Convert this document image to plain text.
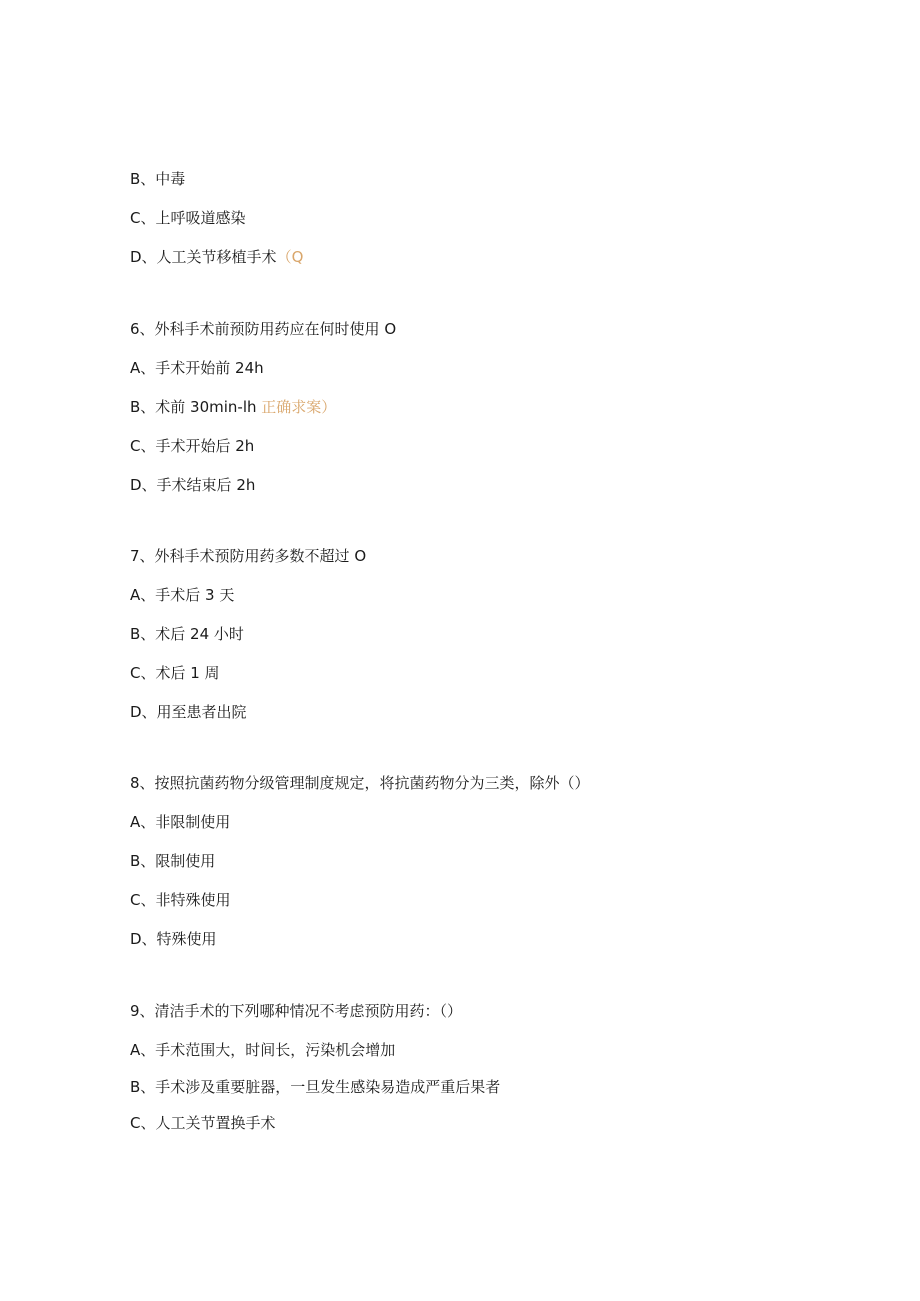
B、中毒
C、上呼吸道感染
D、人工关节移植手术（Q
6、外科手术前预防用药应在何时使用 O
A、手术开始前 24h
B、术前 30min-lh 正确求案）
C、手术开始后 2h
D、手术结束后 2h
7、外科手术预防用药多数不超过 O
A、手术后 3 天
B、术后 24 小时
C、术后 1 周
D、用至患者出院
8、按照抗菌药物分级管理制度规定，将抗菌药物分为三类，除外（）
A、非限制使用
B、限制使用
C、非特殊使用
D、特殊使用
9、清洁手术的下列哪种情况不考虑预防用药：（）
A、手术范围大，时间长，污染机会增加
B、手术涉及重要脏器，一旦发生感染易造成严重后果者
C、人工关节置换手术
